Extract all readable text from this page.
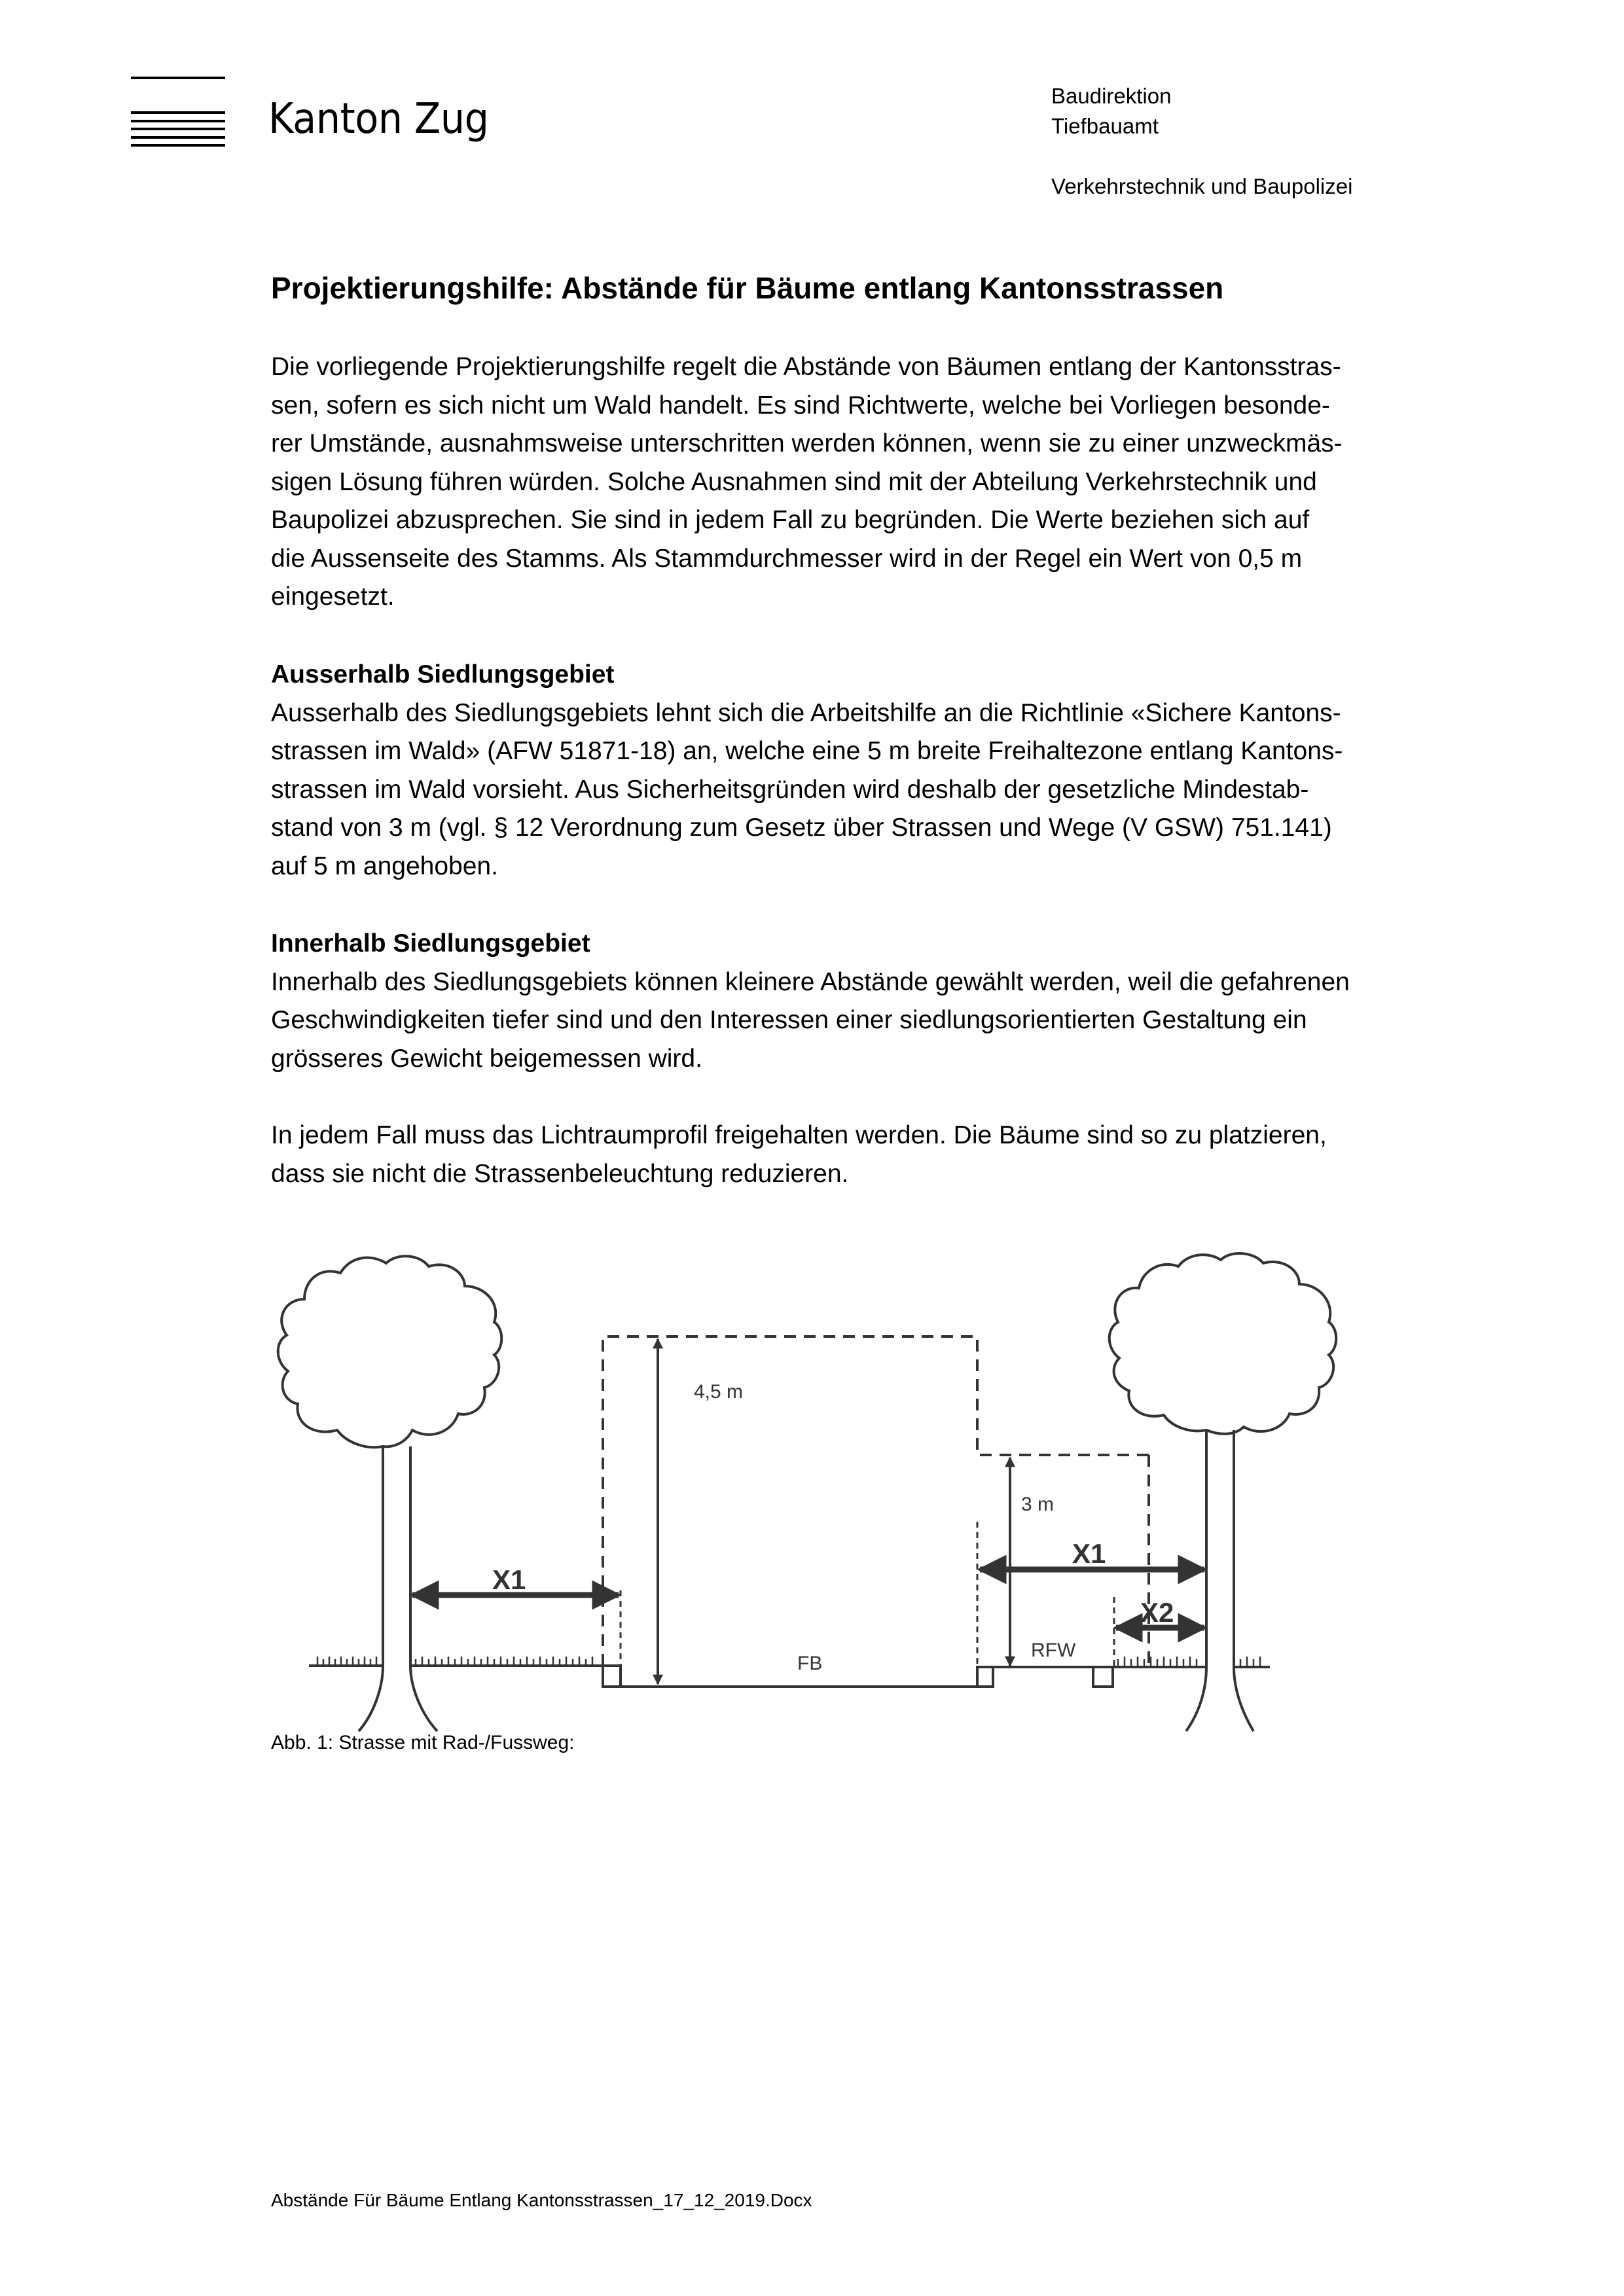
Kanton Zug	Baudirektion
Tiefbauamt
Verkehrstechnik und Baupolizei
Projektierungshilfe: Abstände für Bäume entlang Kantonsstrassen

Die vorliegende Projektierungshilfe regelt die Abstände von Bäumen entlang der Kantonsstras-

sen, sofern es sich nicht um Wald handelt. Es sind Richtwerte, welche bei Vorliegen besonde-

rer Umstände, ausnahmsweise unterschritten werden können, wenn sie zu einer unzweckmäs-

sigen Lösung führen würden. Solche Ausnahmen sind mit der Abteilung Verkehrstechnik und

Baupolizei abzusprechen. Sie sind in jedem Fall zu begründen. Die Werte beziehen sich auf

die Aussenseite des Stamms. Als Stammdurchmesser wird in der Regel ein Wert von 0,5 m

eingesetzt.

Ausserhalb Siedlungsgebiet

Ausserhalb des Siedlungsgebiets lehnt sich die Arbeitshilfe an die Richtlinie «Sichere Kantons-

strassen im Wald» (AFW 51871-18) an, welche eine 5 m breite Freihaltezone entlang Kantons-

strassen im Wald vorsieht. Aus Sicherheitsgründen wird deshalb der gesetzliche Mindestab-

stand von 3 m (vgl. § 12 Verordnung zum Gesetz über Strassen und Wege (V GSW) 751.141)

auf 5 m angehoben.

Innerhalb Siedlungsgebiet

Innerhalb des Siedlungsgebiets können kleinere Abstände gewählt werden, weil die gefahrenen

Geschwindigkeiten tiefer sind und den Interessen einer siedlungsorientierten Gestaltung ein

grösseres Gewicht beigemessen wird.

In jedem Fall muss das Lichtraumprofil freigehalten werden. Die Bäume sind so zu platzieren,

dass sie nicht die Strassenbeleuchtung reduzieren.

4,5 m
3 m
X1
X1
X2
FB
RFW
Abb. 1: Strasse mit Rad-/Fussweg:
Abstände Für Bäume Entlang Kantonsstrassen_17_12_2019.Docx
